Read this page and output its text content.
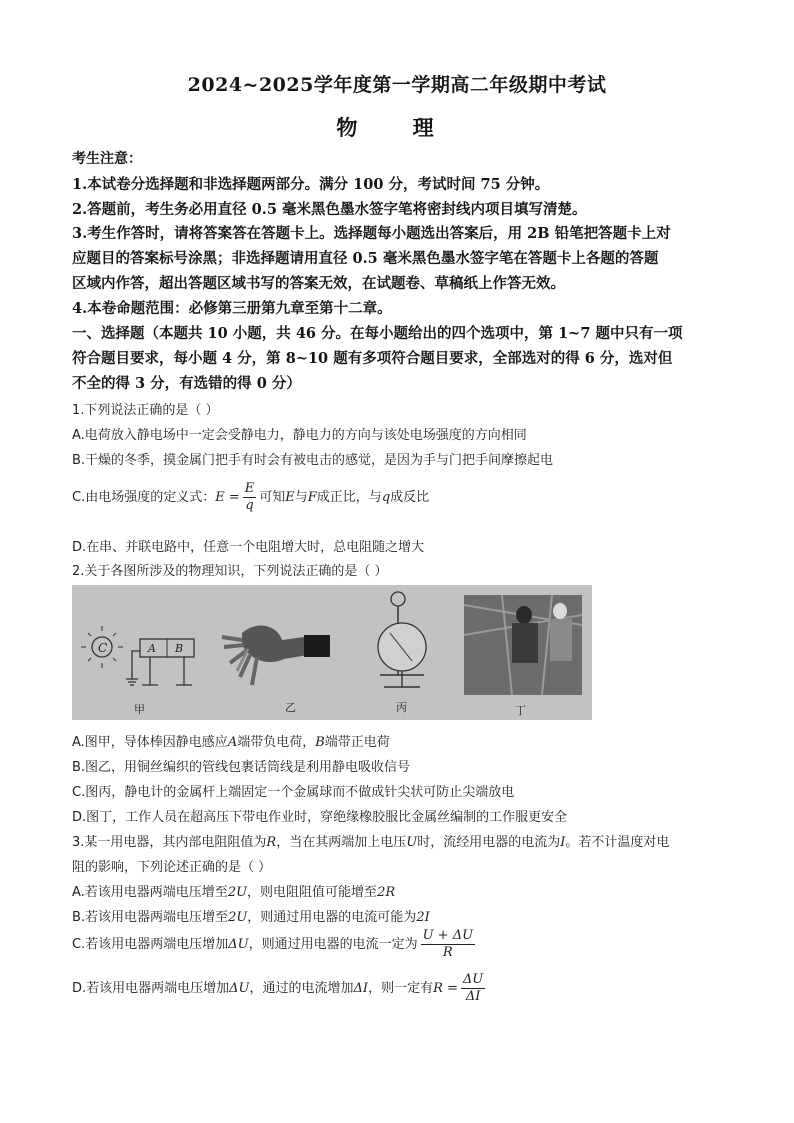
2024~2025学年度第一学期高二年级期中考试
物 理
考生注意：
1.本试卷分选择题和非选择题两部分。满分 100 分，考试时间 75 分钟。
2.答题前，考生务必用直径 0.5 毫米黑色墨水签字笔将密封线内项目填写清楚。
3.考生作答时，请将答案答在答题卡上。选择题每小题选出答案后，用 2B 铅笔把答题卡上对
应题目的答案标号涂黑；非选择题请用直径 0.5 毫米黑色墨水签字笔在答题卡上各题的答题
区域内作答，超出答题区域书写的答案无效，在试题卷、草稿纸上作答无效。
4.本卷命题范围：必修第三册第九章至第十二章。
一、选择题（本题共 10 小题，共 46 分。在每小题给出的四个选项中，第 1~7 题中只有一项
符合题目要求，每小题 4 分，第 8~10 题有多项符合题目要求，全部选对的得 6 分，选对但
不全的得 3 分，有选错的得 0 分）
1.下列说法正确的是（ ）
A.电荷放入静电场中一定会受静电力，静电力的方向与该处电场强度的方向相同
B.干燥的冬季，摸金属门把手有时会有被电击的感觉，是因为手与门把手间摩擦起电
C.由电场强度的定义式：$E = \frac{E}{q}$ 可知E与F成正比，与q成反比
D.在串、并联电路中，任意一个电阻增大时，总电阻随之增大
2.关于各图所涉及的物理知识，下列说法正确的是（ ）
C	A B
甲	乙	丙	丁
A.图甲，导体棒因静电感应A端带负电荷，B端带正电荷
B.图乙，用铜丝编织的管线包裹话筒线是利用静电吸收信号
C.图丙，静电计的金属杆上端固定一个金属球而不做成针尖状可防止尖端放电
D.图丁，工作人员在超高压下带电作业时，穿绝缘橡胶服比金属丝编制的工作服更安全
3.某一用电器，其内部电阻阻值为R，当在其两端加上电压U时，流经用电器的电流为I。若不计温度对电
阻的影响，下列论述正确的是（ ）
A.若该用电器两端电压增至2U，则电阻阻值可能增至2R
B.若该用电器两端电压增至2U，则通过用电器的电流可能为2I
C.若该用电器两端电压增加ΔU，则通过用电器的电流一定为 $\frac{U + \Delta U}{R}$
D.若该用电器两端电压增加ΔU，通过的电流增加ΔI，则一定有$R = \frac{\Delta U}{\Delta I}$
